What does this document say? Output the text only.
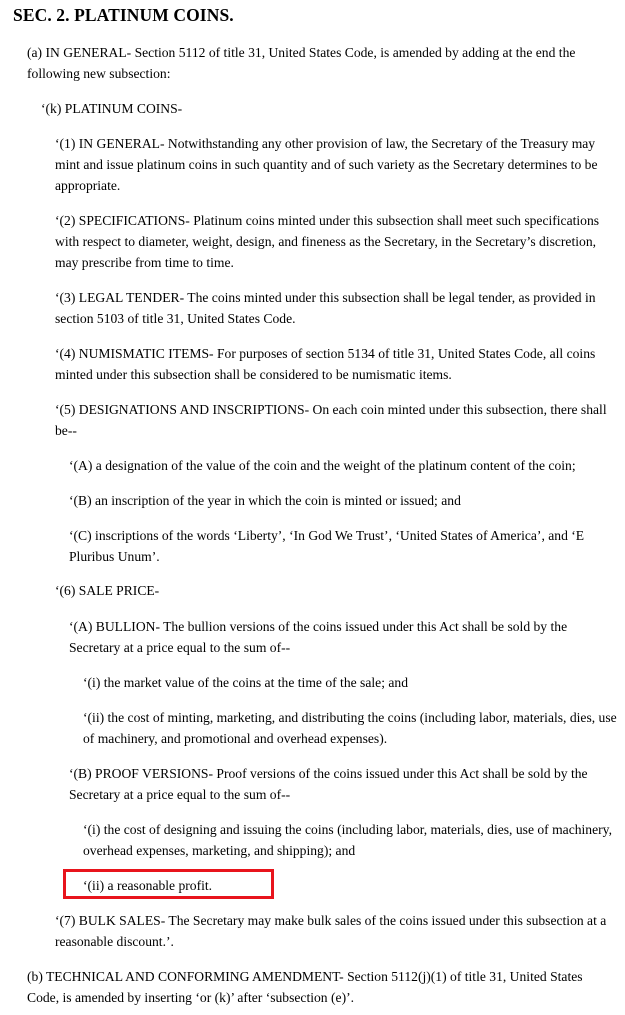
SEC. 2. PLATINUM COINS.

(a) IN GENERAL- Section 5112 of title 31, United States Code, is amended by adding at the end the following new subsection:

‘(k) PLATINUM COINS-

‘(1) IN GENERAL- Notwithstanding any other provision of law, the Secretary of the Treasury may mint and issue platinum coins in such quantity and of such variety as the Secretary determines to be appropriate.

‘(2) SPECIFICATIONS- Platinum coins minted under this subsection shall meet such specifications with respect to diameter, weight, design, and fineness as the Secretary, in the Secretary’s discretion, may prescribe from time to time.

‘(3) LEGAL TENDER- The coins minted under this subsection shall be legal tender, as provided in section 5103 of title 31, United States Code.

‘(4) NUMISMATIC ITEMS- For purposes of section 5134 of title 31, United States Code, all coins minted under this subsection shall be considered to be numismatic items.

‘(5) DESIGNATIONS AND INSCRIPTIONS- On each coin minted under this subsection, there shall be--

‘(A) a designation of the value of the coin and the weight of the platinum content of the coin;

‘(B) an inscription of the year in which the coin is minted or issued; and

‘(C) inscriptions of the words ‘Liberty’, ‘In God We Trust’, ‘United States of America’, and ‘E Pluribus Unum’.

‘(6) SALE PRICE-

‘(A) BULLION- The bullion versions of the coins issued under this Act shall be sold by the Secretary at a price equal to the sum of--

‘(i) the market value of the coins at the time of the sale; and

‘(ii) the cost of minting, marketing, and distributing the coins (including labor, materials, dies, use of machinery, and promotional and overhead expenses).

‘(B) PROOF VERSIONS- Proof versions of the coins issued under this Act shall be sold by the Secretary at a price equal to the sum of--

‘(i) the cost of designing and issuing the coins (including labor, materials, dies, use of machinery, overhead expenses, marketing, and shipping); and

‘(ii) a reasonable profit.

‘(7) BULK SALES- The Secretary may make bulk sales of the coins issued under this subsection at a reasonable discount.’.

(b) TECHNICAL AND CONFORMING AMENDMENT- Section 5112(j)(1) of title 31, United States Code, is amended by inserting ‘or (k)’ after ‘subsection (e)’.
